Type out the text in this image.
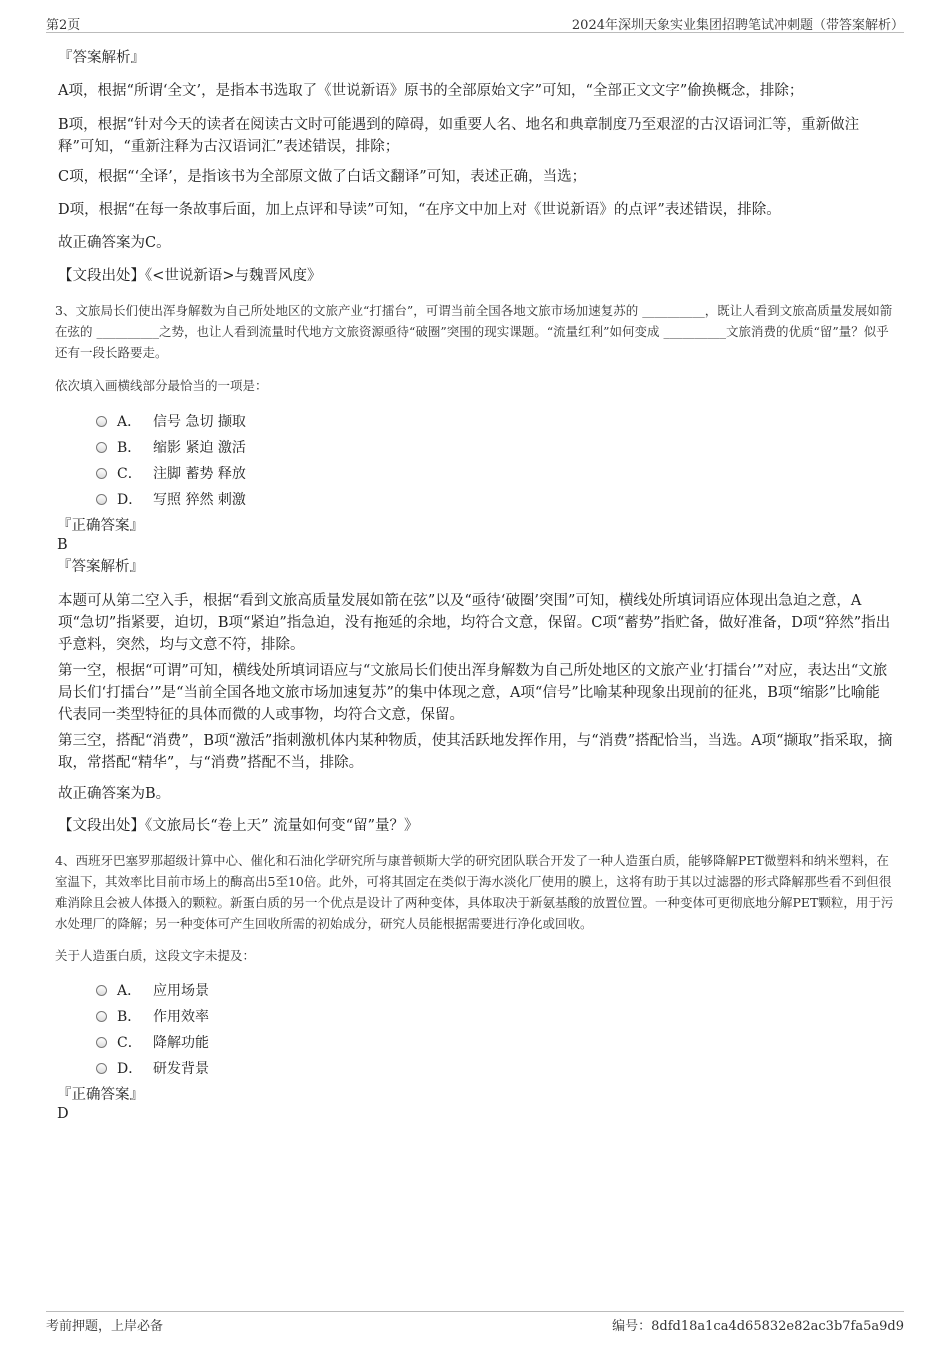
第2页	2024年深圳天象实业集团招聘笔试冲刺题（带答案解析）
『答案解析』
A项，根据“所谓‘全文’，是指本书选取了《世说新语》原书的全部原始文字”可知，“全部正文文字”偷换概念，排除；
B项，根据“针对今天的读者在阅读古文时可能遇到的障碍，如重要人名、地名和典章制度乃至艰涩的古汉语词汇等，重新做注释”可知，“重新注释为古汉语词汇”表述错误，排除；
C项，根据“‘全译’，是指该书为全部原文做了白话文翻译”可知，表述正确，当选；
D项，根据“在每一条故事后面，加上点评和导读”可知，“在序文中加上对《世说新语》的点评”表述错误，排除。
故正确答案为C。
【文段出处】《<世说新语>与魏晋风度》
3、文旅局长们使出浑身解数为自己所处地区的文旅产业“打擂台”，可谓当前全国各地文旅市场加速复苏的 __________，既让人看到文旅高质量发展如箭在弦的 __________之势，也让人看到流量时代地方文旅资源亟待“破圈”突围的现实课题。“流量红利”如何变成 __________文旅消费的优质“留”量？似乎还有一段长路要走。
依次填入画横线部分最恰当的一项是：
A． 信号 急切 撷取
B． 缩影 紧迫 激活
C． 注脚 蓄势 释放
D． 写照 猝然 刺激
『正确答案』
B
『答案解析』
本题可从第二空入手，根据“看到文旅高质量发展如箭在弦”以及“亟待‘破圈’突围”可知，横线处所填词语应体现出急迫之意，A项“急切”指紧要，迫切，B项“紧迫”指急迫，没有拖延的余地，均符合文意，保留。C项“蓄势”指贮备，做好准备，D项“猝然”指出乎意料，突然，均与文意不符，排除。
第一空，根据“可谓”可知，横线处所填词语应与“文旅局长们使出浑身解数为自己所处地区的文旅产业‘打擂台’”对应，表达出“文旅局长们‘打擂台’”是“当前全国各地文旅市场加速复苏”的集中体现之意，A项“信号”比喻某种现象出现前的征兆，B项“缩影”比喻能代表同一类型特征的具体而微的人或事物，均符合文意，保留。
第三空，搭配“消费”，B项“激活”指刺激机体内某种物质，使其活跃地发挥作用，与“消费”搭配恰当，当选。A项“撷取”指采取，摘取，常搭配“精华”，与“消费”搭配不当，排除。
故正确答案为B。
【文段出处】《文旅局长“卷上天” 流量如何变“留”量？》
4、西班牙巴塞罗那超级计算中心、催化和石油化学研究所与康普顿斯大学的研究团队联合开发了一种人造蛋白质，能够降解PET微塑料和纳米塑料，在室温下，其效率比目前市场上的酶高出5至10倍。此外，可将其固定在类似于海水淡化厂使用的膜上，这将有助于其以过滤器的形式降解那些看不到但很难消除且会被人体摄入的颗粒。新蛋白质的另一个优点是设计了两种变体，具体取决于新氨基酸的放置位置。一种变体可更彻底地分解PET颗粒，用于污水处理厂的降解；另一种变体可产生回收所需的初始成分，研究人员能根据需要进行净化或回收。
关于人造蛋白质，这段文字未提及：
A． 应用场景
B． 作用效率
C． 降解功能
D． 研发背景
『正确答案』
D
考前押题，上岸必备	编号：8dfd18a1ca4d65832e82ac3b7fa5a9d9
